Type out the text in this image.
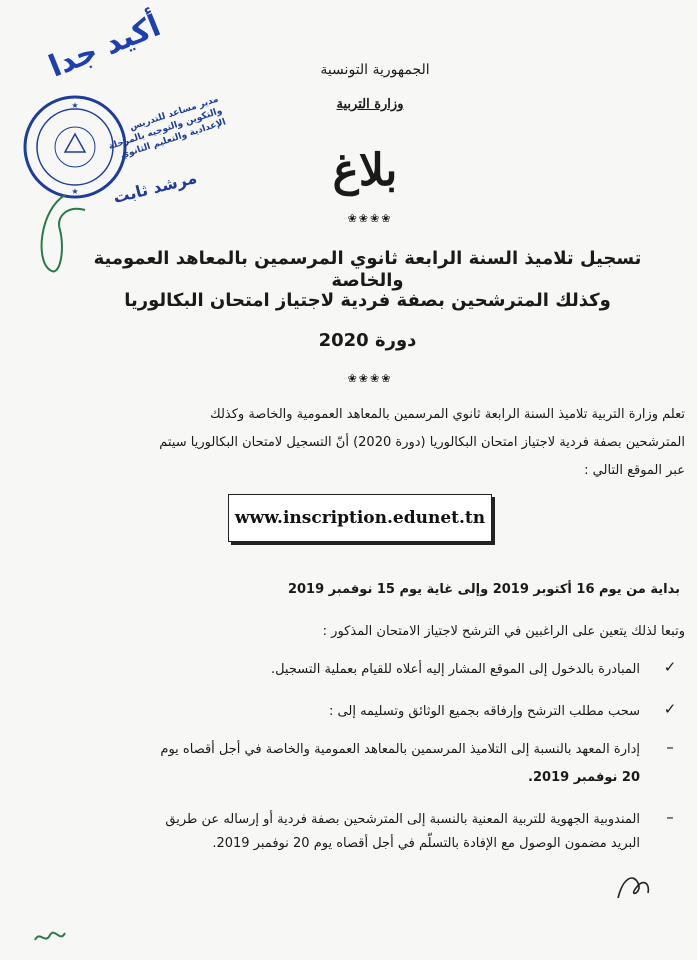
أكيد جدا
★
★
مدير مساعد للتدريس والتكوين والتوجيه بالمرحلة الإعدادية والتعليم الثانوي
مرشد ثابت
الجمهورية التونسية
وزارة التربية
بلاغ
❀❀❀❀
تسجيل تلاميذ السنة الرابعة ثانوي المرسمين بالمعاهد العمومية والخاصة
وكذلك المترشحين بصفة فردية لاجتياز امتحان البكالوريا
دورة 2020
❀❀❀❀
تعلم وزارة التربية تلاميذ السنة الرابعة ثانوي المرسمين بالمعاهد العمومية والخاصة وكذلك
المترشحين بصفة فردية لاجتياز امتحان البكالوريا (دورة 2020) أنّ التسجيل لامتحان البكالوريا سيتم
عبر الموقع التالي :
www.inscription.edunet.tn
بداية من يوم 16 أكتوبر 2019 وإلى غاية يوم 15 نوفمبر 2019
وتبعا لذلك يتعين على الراغبين في الترشح لاجتياز الامتحان المذكور :
✓
المبادرة بالدخول إلى الموقع المشار إليه أعلاه للقيام بعملية التسجيل.
✓
سحب مطلب الترشح وإرفاقه بجميع الوثائق وتسليمه إلى :
–
إدارة المعهد بالنسبة إلى التلاميذ المرسمين بالمعاهد العمومية والخاصة في أجل أقصاه يوم
20 نوفمبر 2019.
–
المندوبية الجهوية للتربية المعنية بالنسبة إلى المترشحين بصفة فردية أو إرساله عن طريق
البريد مضمون الوصول مع الإفادة بالتسلّم في أجل أقصاه يوم 20 نوفمبر 2019.
